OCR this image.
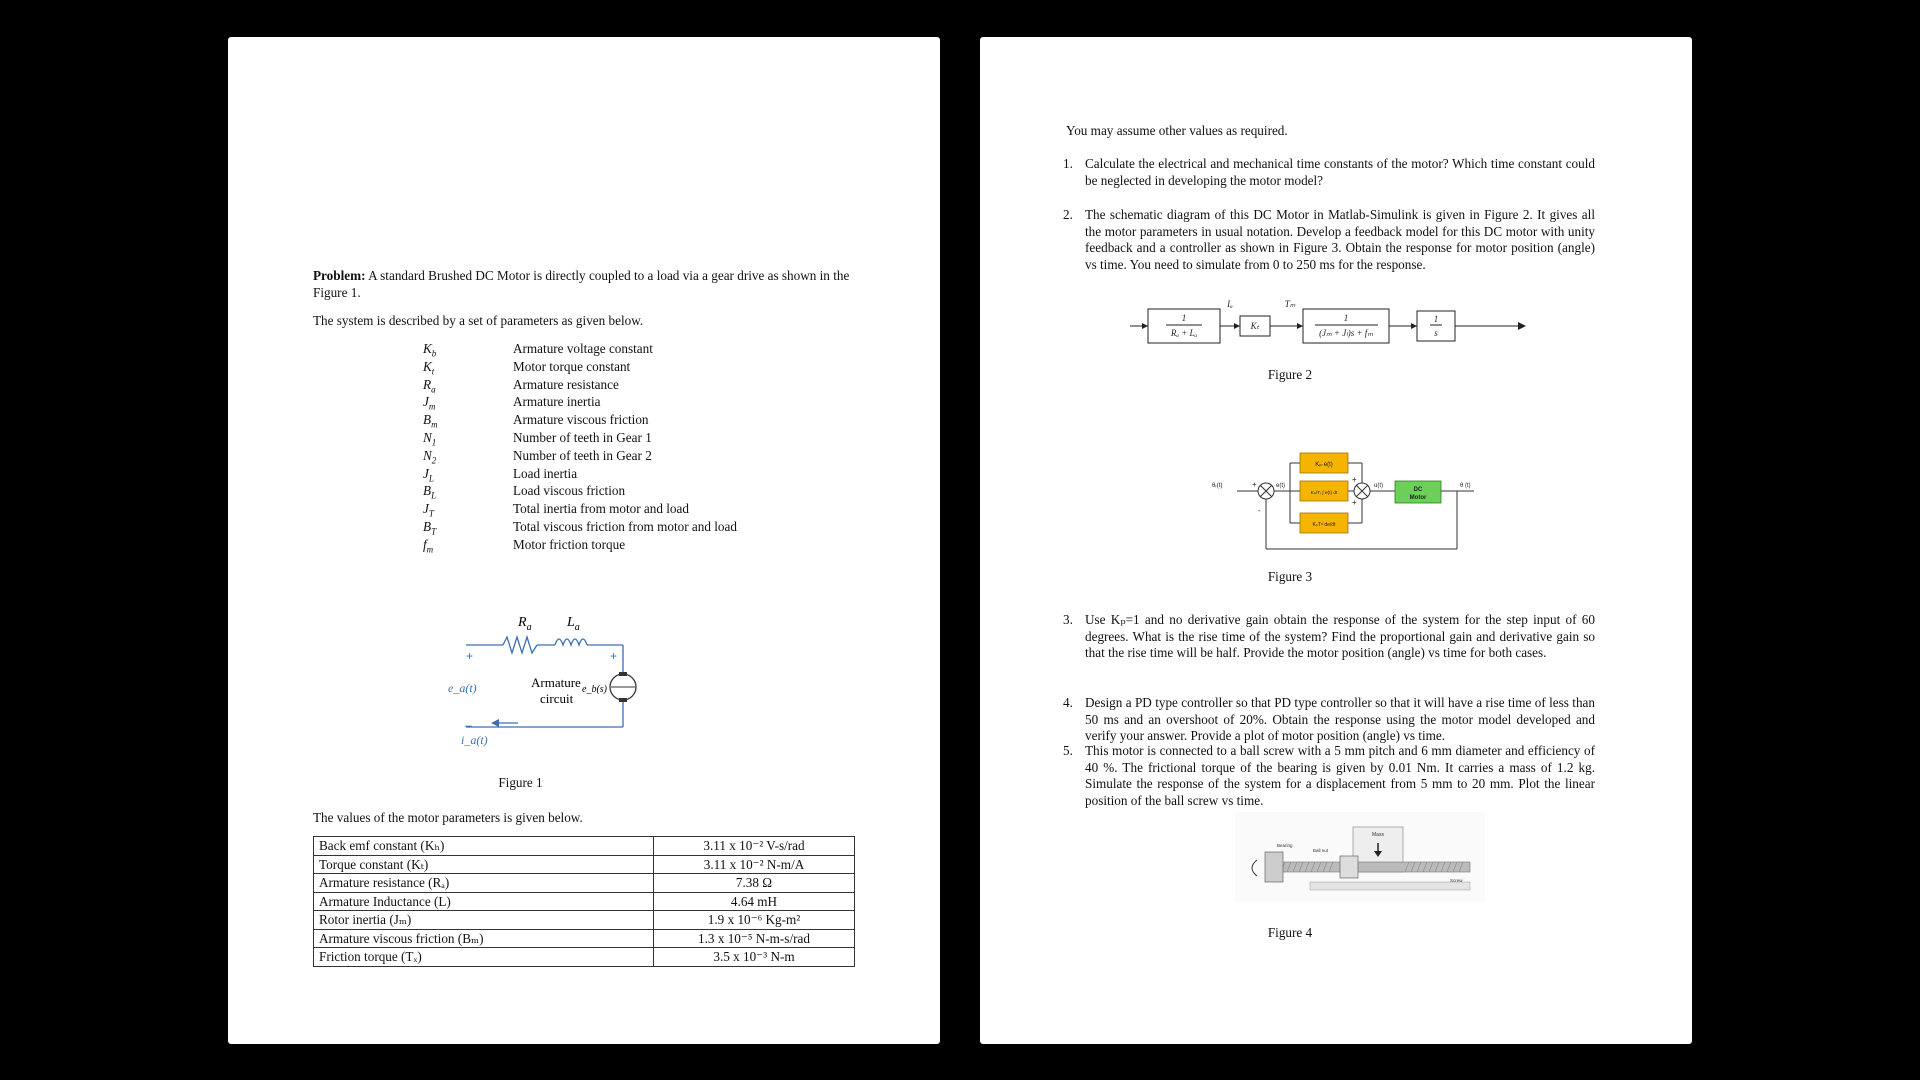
Problem: A standard Brushed DC Motor is directly coupled to a load via a gear drive as shown in the Figure 1.

The system is described by a set of parameters as given below.

$K_b$	Armature voltage constant
$K_t$	Motor torque constant
$R_a$	Armature resistance
$J_m$	Armature inertia
$B_m$	Armature viscous friction
$N_1$	Number of teeth in Gear 1
$N_2$	Number of teeth in Gear 2
$J_L$	Load inertia
$B_L$	Load viscous friction
$J_T$	Total inertia from motor and load
$B_T$	Total viscous friction from motor and load
$f_m$	Motor friction torque
$R_a$	$L_a$
+	+
_
e_a(t)
i_a(t)
Armature
circuit
e_b(s)

Figure 1

The values of the motor parameters is given below.

Back emf constant (Kₕ)	3.11 x 10⁻² V-s/rad
Torque constant (Kₜ)	3.11 x 10⁻² N-m/A
Armature resistance (Rₐ)	7.38 Ω
Armature Inductance (L)	4.64 mH
Rotor inertia (Jₘ)	1.9 x 10⁻⁶ Kg-m²
Armature viscous friction (Bₘ)	1.3 x 10⁻⁵ N-m-s/rad
Friction torque (Tₓ)	3.5 x 10⁻³ N-m

You may assume other values as required.

1. Calculate the electrical and mechanical time constants of the motor? Which time constant could be neglected in developing the motor model?
2. The schematic diagram of this DC Motor in Matlab-Simulink is given in Figure 2. It gives all the motor parameters in usual notation. Develop a feedback model for this DC motor with unity feedback and a controller as shown in Figure 3. Obtain the response for motor position (angle) vs time. You need to simulate from 0 to 250 ms for the response.
1
Rₐ + Lₐ
Iₐ
Kₜ
Tₘ
1
(Jₘ + Jₗ)s + fₘ
1
s

Figure 2

θᵣ(t)	e(t)	u(t)	θ (t)
Kₚ·e(t)
Kₚ/Tᵢ ∫ e(t) dt
KₚTᵈ de/dt
DC
Motor
+
-
+
+

Figure 3

3. Use Kₚ=1 and no derivative gain obtain the response of the system for the step input of 60 degrees. What is the rise time of the system? Find the proportional gain and derivative gain so that the rise time will be half. Provide the motor position (angle) vs time for both cases.
4. Design a PD type controller so that PD type controller so that it will have a rise time of less than 50 ms and an overshoot of 20%. Obtain the response using the motor model developed and verify your answer. Provide a plot of motor position (angle) vs time.
5. This motor is connected to a ball screw with a 5 mm pitch and 6 mm diameter and efficiency of 40 %. The frictional torque of the bearing is given by 0.01 Nm. It carries a mass of 1.2 kg. Simulate the response of the system for a displacement from 5 mm to 20 mm. Plot the linear position of the ball screw vs time.
Mass
Bearing
Ball nut
Screw

Figure 4
